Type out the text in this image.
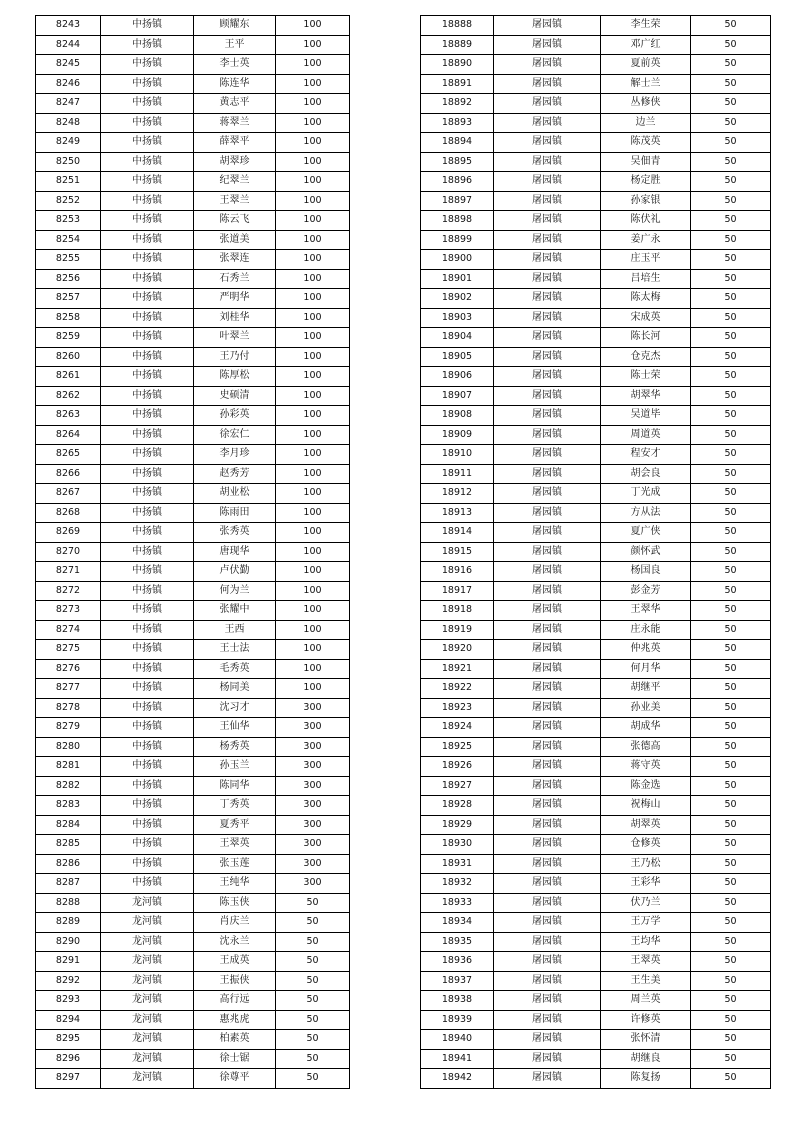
8243	中扬镇	顾耀东	100
8244	中扬镇	王平	100
8245	中扬镇	李士英	100
8246	中扬镇	陈连华	100
8247	中扬镇	黄志平	100
8248	中扬镇	蒋翠兰	100
8249	中扬镇	薛翠平	100
8250	中扬镇	胡翠珍	100
8251	中扬镇	纪翠兰	100
8252	中扬镇	王翠兰	100
8253	中扬镇	陈云飞	100
8254	中扬镇	张道美	100
8255	中扬镇	张翠连	100
8256	中扬镇	石秀兰	100
8257	中扬镇	严明华	100
8258	中扬镇	刘桂华	100
8259	中扬镇	叶翠兰	100
8260	中扬镇	王乃付	100
8261	中扬镇	陈厚松	100
8262	中扬镇	史硕清	100
8263	中扬镇	孙彩英	100
8264	中扬镇	徐宏仁	100
8265	中扬镇	李月珍	100
8266	中扬镇	赵秀芳	100
8267	中扬镇	胡业松	100
8268	中扬镇	陈雨田	100
8269	中扬镇	张秀英	100
8270	中扬镇	唐现华	100
8271	中扬镇	卢伏勤	100
8272	中扬镇	何为兰	100
8273	中扬镇	张耀中	100
8274	中扬镇	王西	100
8275	中扬镇	王士法	100
8276	中扬镇	毛秀英	100
8277	中扬镇	杨同美	100
8278	中扬镇	沈习才	300
8279	中扬镇	王仙华	300
8280	中扬镇	杨秀英	300
8281	中扬镇	孙玉兰	300
8282	中扬镇	陈同华	300
8283	中扬镇	丁秀英	300
8284	中扬镇	夏秀平	300
8285	中扬镇	王翠英	300
8286	中扬镇	张玉莲	300
8287	中扬镇	王纯华	300
8288	龙河镇	陈玉侠	50
8289	龙河镇	肖庆兰	50
8290	龙河镇	沈永兰	50
8291	龙河镇	王成英	50
8292	龙河镇	王振侠	50
8293	龙河镇	高行远	50
8294	龙河镇	惠兆虎	50
8295	龙河镇	柏素英	50
8296	龙河镇	徐士锯	50
8297	龙河镇	徐尊平	50
18888	屠园镇	李生荣	50
18889	屠园镇	邓广红	50
18890	屠园镇	夏前英	50
18891	屠园镇	解士兰	50
18892	屠园镇	丛修侠	50
18893	屠园镇	边兰	50
18894	屠园镇	陈茂英	50
18895	屠园镇	吴佃青	50
18896	屠园镇	杨定胜	50
18897	屠园镇	孙家银	50
18898	屠园镇	陈伏礼	50
18899	屠园镇	姜广永	50
18900	屠园镇	庄玉平	50
18901	屠园镇	吕培生	50
18902	屠园镇	陈太梅	50
18903	屠园镇	宋成英	50
18904	屠园镇	陈长河	50
18905	屠园镇	仓克杰	50
18906	屠园镇	陈士荣	50
18907	屠园镇	胡翠华	50
18908	屠园镇	吴道毕	50
18909	屠园镇	周道英	50
18910	屠园镇	程安才	50
18911	屠园镇	胡会良	50
18912	屠园镇	丁光成	50
18913	屠园镇	方从法	50
18914	屠园镇	夏广侠	50
18915	屠园镇	颜怀武	50
18916	屠园镇	杨国良	50
18917	屠园镇	彭金芳	50
18918	屠园镇	王翠华	50
18919	屠园镇	庄永能	50
18920	屠园镇	仲兆英	50
18921	屠园镇	何月华	50
18922	屠园镇	胡继平	50
18923	屠园镇	孙业美	50
18924	屠园镇	胡成华	50
18925	屠园镇	张德高	50
18926	屠园镇	蒋守英	50
18927	屠园镇	陈金选	50
18928	屠园镇	祝梅山	50
18929	屠园镇	胡翠英	50
18930	屠园镇	仓修英	50
18931	屠园镇	王乃松	50
18932	屠园镇	王彩华	50
18933	屠园镇	伏乃兰	50
18934	屠园镇	王万学	50
18935	屠园镇	王均华	50
18936	屠园镇	王翠英	50
18937	屠园镇	王生美	50
18938	屠园镇	周兰英	50
18939	屠园镇	许修英	50
18940	屠园镇	张怀清	50
18941	屠园镇	胡继良	50
18942	屠园镇	陈复扬	50
